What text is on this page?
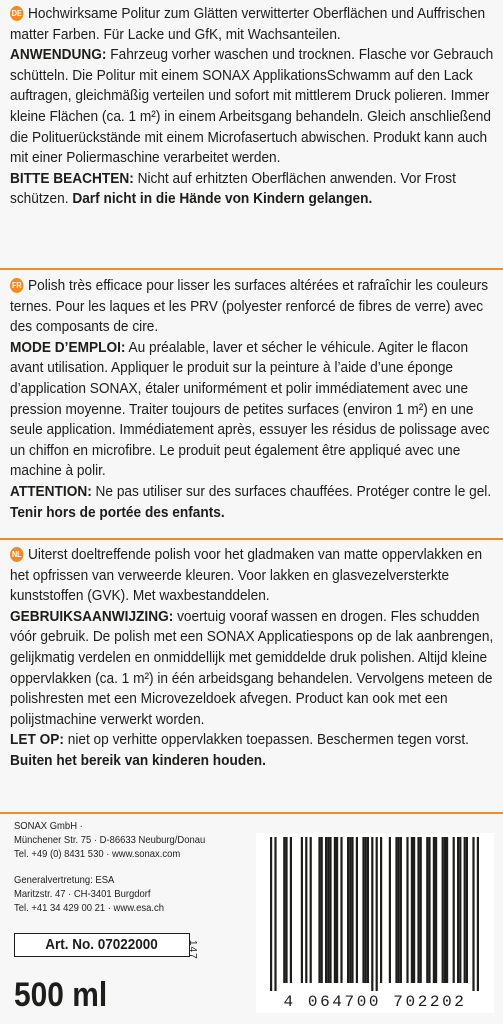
DE Hochwirksame Politur zum Glätten verwitterter Oberflächen und Auffrischen matter Farben. Für Lacke und GfK, mit Wachsanteilen.

ANWENDUNG: Fahrzeug vorher waschen und trocknen. Flasche vor Gebrauch schütteln. Die Politur mit einem SONAX ApplikationsSchwamm auf den Lack auftragen, gleichmäßig verteilen und sofort mit mittlerem Druck polieren. Immer kleine Flächen (ca. 1 m²) in einem Arbeitsgang behandeln. Gleich anschließend die Polituerückstände mit einem Microfasertuch abwischen. Produkt kann auch mit einer Poliermaschine verarbeitet werden.

BITTE BEACHTEN: Nicht auf erhitzten Oberflächen anwenden. Vor Frost schützen. Darf nicht in die Hände von Kindern gelangen.

FR Polish très efficace pour lisser les surfaces altérées et rafraîchir les couleurs ternes. Pour les laques et les PRV (polyester renforcé de fibres de verre) avec des composants de cire.

MODE D’EMPLOI: Au préalable, laver et sécher le véhicule. Agiter le flacon avant utilisation. Appliquer le produit sur la peinture à l’aide d’une éponge d’application SONAX, étaler uniformément et polir immédiatement avec une pression moyenne. Traiter toujours de petites surfaces (environ 1 m²) en une seule application. Immédiatement après, essuyer les résidus de polissage avec un chiffon en microfibre. Le produit peut également être appliqué avec une machine à polir.

ATTENTION: Ne pas utiliser sur des surfaces chauffées. Protéger contre le gel. Tenir hors de portée des enfants.

NL Uiterst doeltreffende polish voor het gladmaken van matte oppervlakken en het opfrissen van verweerde kleuren. Voor lakken en glasvezelversterkte kunststoffen (GVK). Met waxbestanddelen.

GEBRUIKSAANWIJZING: voertuig vooraf wassen en drogen. Fles schudden vóór gebruik. De polish met een SONAX Applicatiespons op de lak aanbrengen, gelijkmatig verdelen en onmiddellijk met gemiddelde druk polishen. Altijd kleine oppervlakken (ca. 1 m²) in één arbeidsgang behandelen. Vervolgens meteen de polishresten met een Microvezeldoek afvegen. Product kan ook met een polijstmachine verwerkt worden.

LET OP: niet op verhitte oppervlakken toepassen. Beschermen tegen vorst.

Buiten het bereik van kinderen houden.

SONAX GmbH ·

Münchener Str. 75 · D-86633 Neuburg/Donau

Tel. +49 (0) 8431 530 · www.sonax.com

Generalvertretung: ESA

Maritzstr. 47 · CH-3401 Burgdorf

Tel. +41 34 429 00 21 · www.esa.ch

Art. No. 07022000	147
500 ml	4 064700 702202
